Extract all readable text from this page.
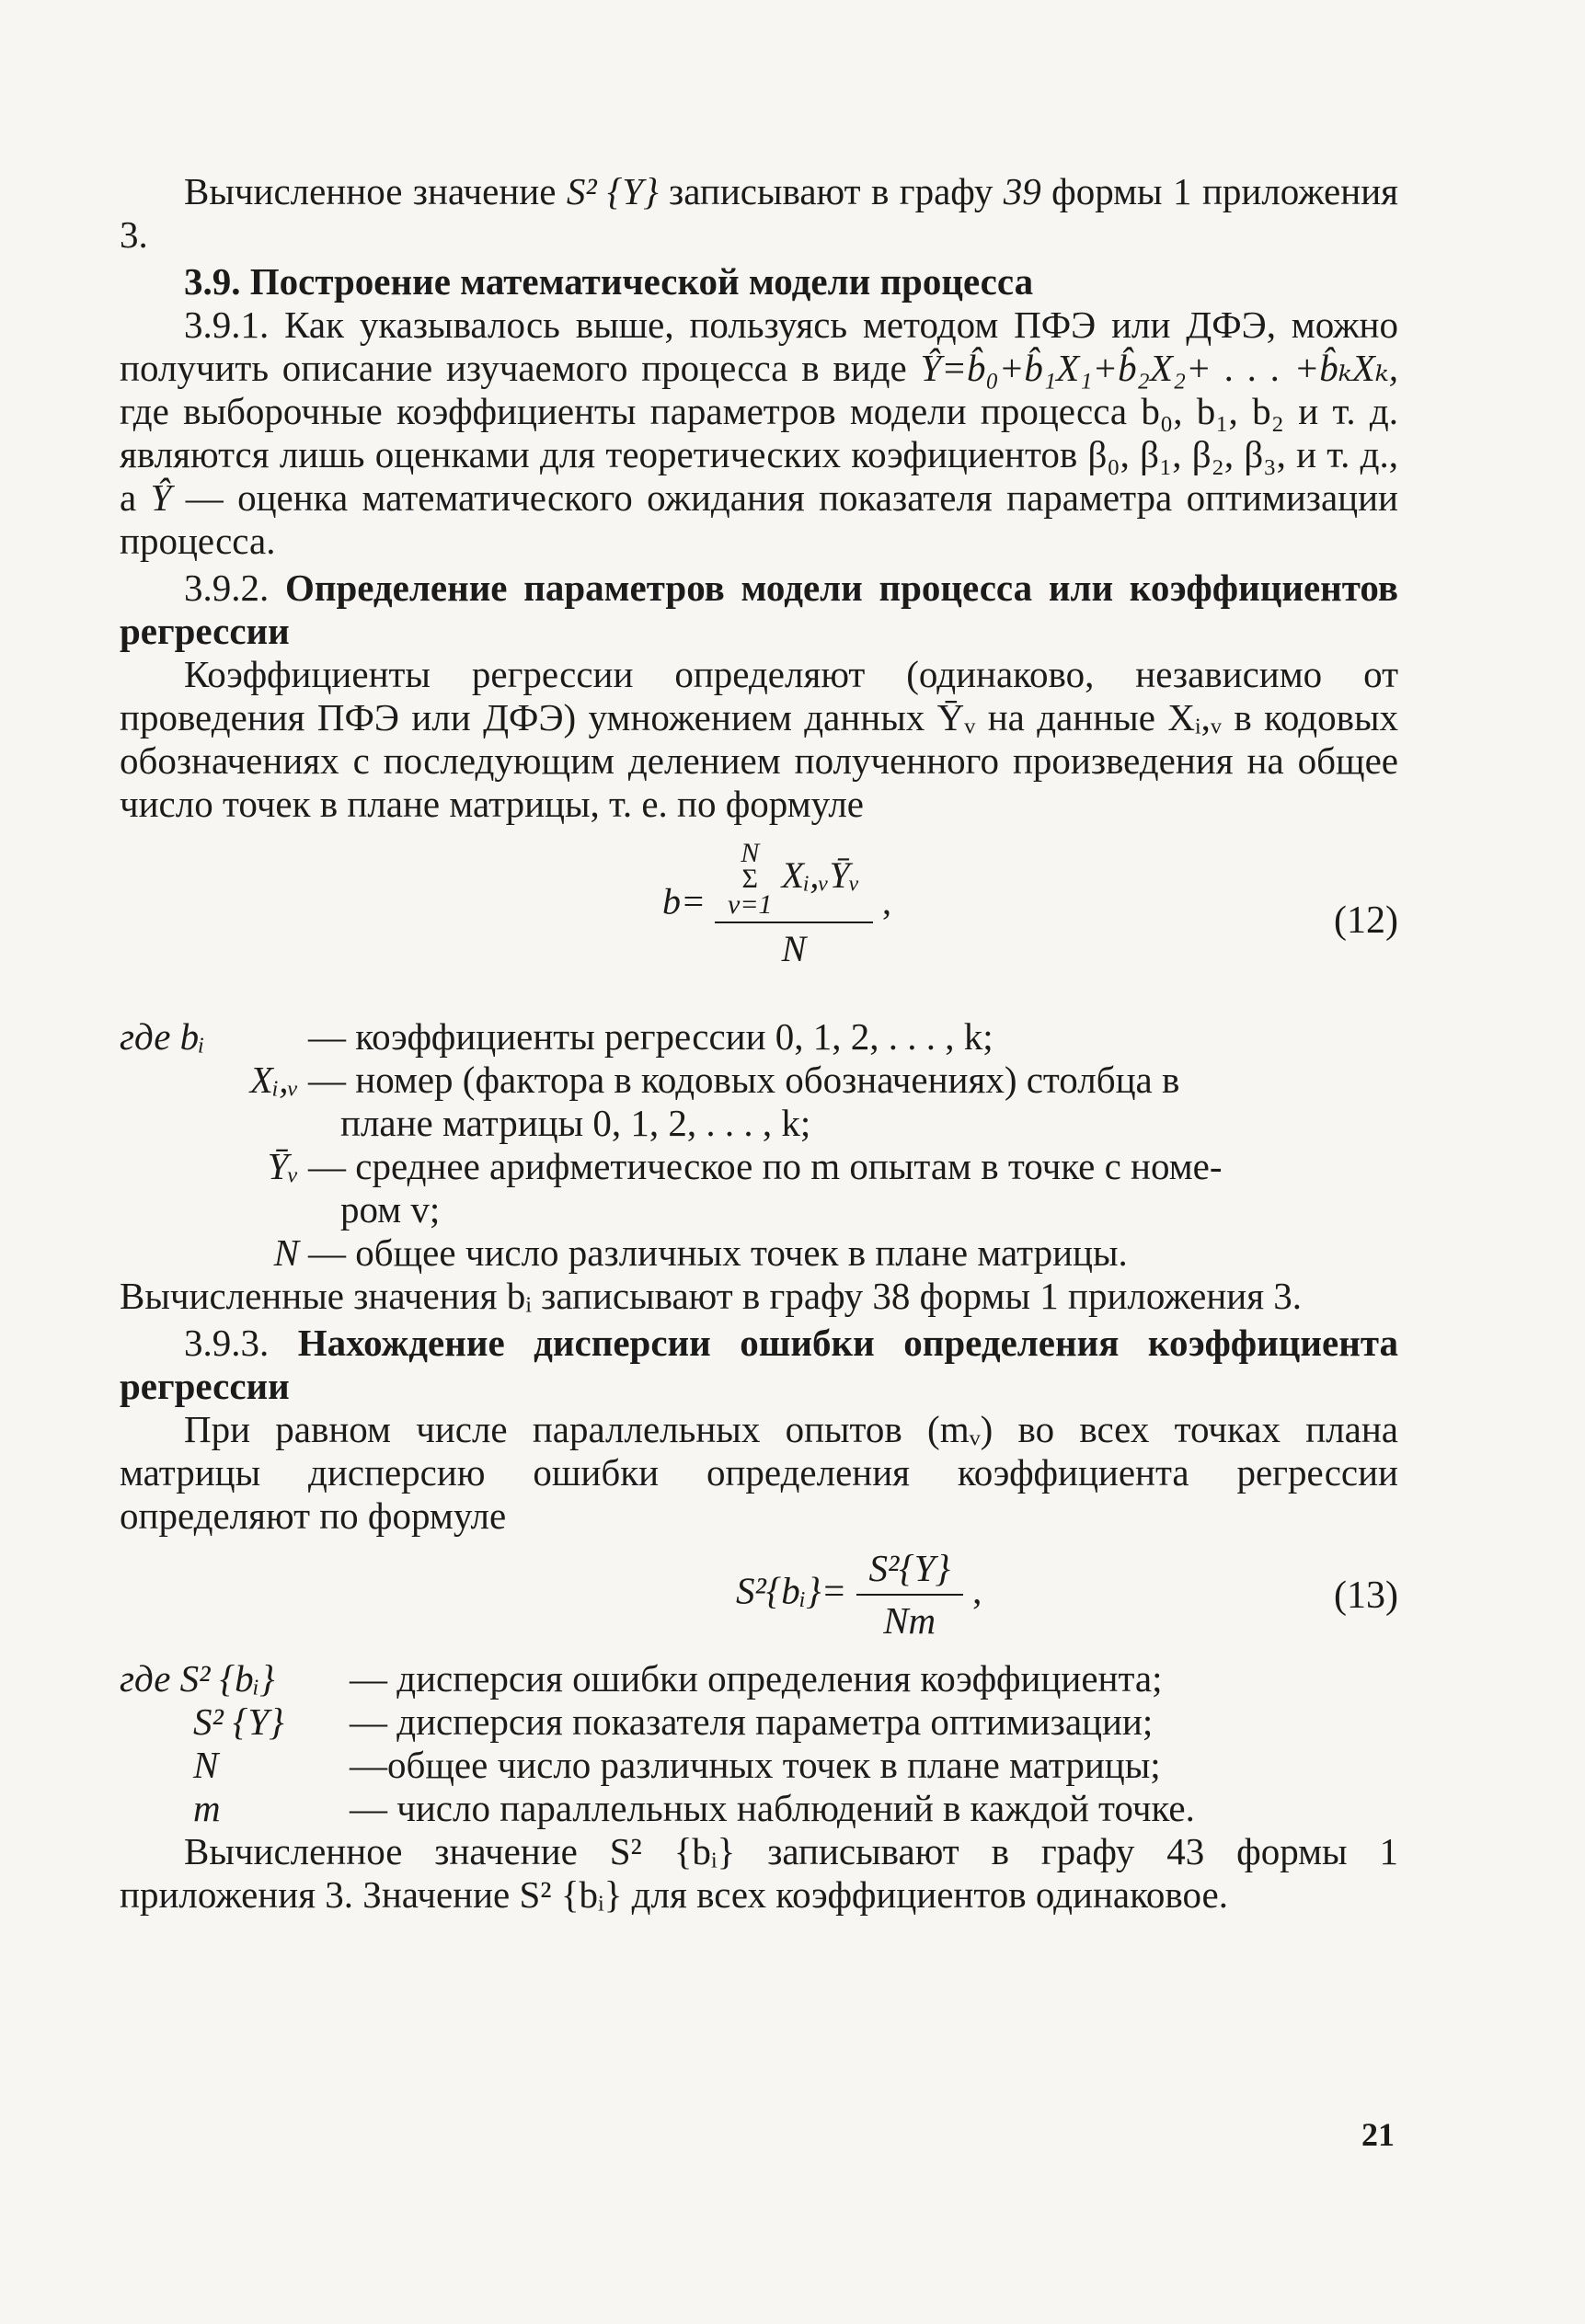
Вычисленное значение S² {Y} записывают в графу 39 формы 1 приложения 3.

3.9. Построение математической модели процесса

3.9.1. Как указывалось выше, пользуясь методом ПФЭ или ДФЭ, можно получить описание изучаемого процесса в виде Ŷ=b̂₀+b̂₁X₁+b̂₂X₂+ . . . +b̂ₖXₖ, где выборочные коэффициенты параметров модели процесса b₀, b₁, b₂ и т. д. являются лишь оценками для теоретических коэфициентов β₀, β₁, β₂, β₃, и т. д., а Ŷ — оценка математического ожидания показателя параметра оптимизации процесса.

3.9.2. Определение параметров модели процесса или коэффициентов регрессии

Коэффициенты регрессии определяют (одинаково, независимо от проведения ПФЭ или ДФЭ) умножением данных Ȳᵥ на данные Xᵢ,ᵥ в кодовых обозначениях с последующим делением полученного произведения на общее число точек в плане матрицы, т. е. по формуле

b=
N
Σ
v=1
Xᵢ,ᵥȲᵥ
N
,	(12)
где bᵢ	— коэффициенты регрессии 0, 1, 2, . . . , k;
Xᵢ,ᵥ — номер (фактора в кодовых обозначениях) столбца в

плане матрицы 0, 1, 2, . . . , k;

Ȳᵥ — среднее арифметическое по m опытам в точке с номе-

ром v;

N — общее число различных точек в плане матрицы.

Вычисленные значения bᵢ записывают в графу 38 формы 1 приложения 3.

3.9.3. Нахождение дисперсии ошибки определения коэффициента регрессии

При равном числе параллельных опытов (mᵥ) во всех точках плана матрицы дисперсию ошибки определения коэффициента регрессии определяют по формуле

S²{bᵢ}= $\frac{\text{S²\{Y\}}}{Nm}$ ,	(13)
где S² {bᵢ}	— дисперсия ошибки определения коэффициента;
S² {Y}	— дисперсия показателя параметра оптимизации;
N	—общее число различных точек в плане матрицы;
m	— число параллельных наблюдений в каждой точке.

Вычисленное значение S² {bᵢ} записывают в графу 43 формы 1 приложения 3. Значение S² {bᵢ} для всех коэффициентов одинаковое.

21
